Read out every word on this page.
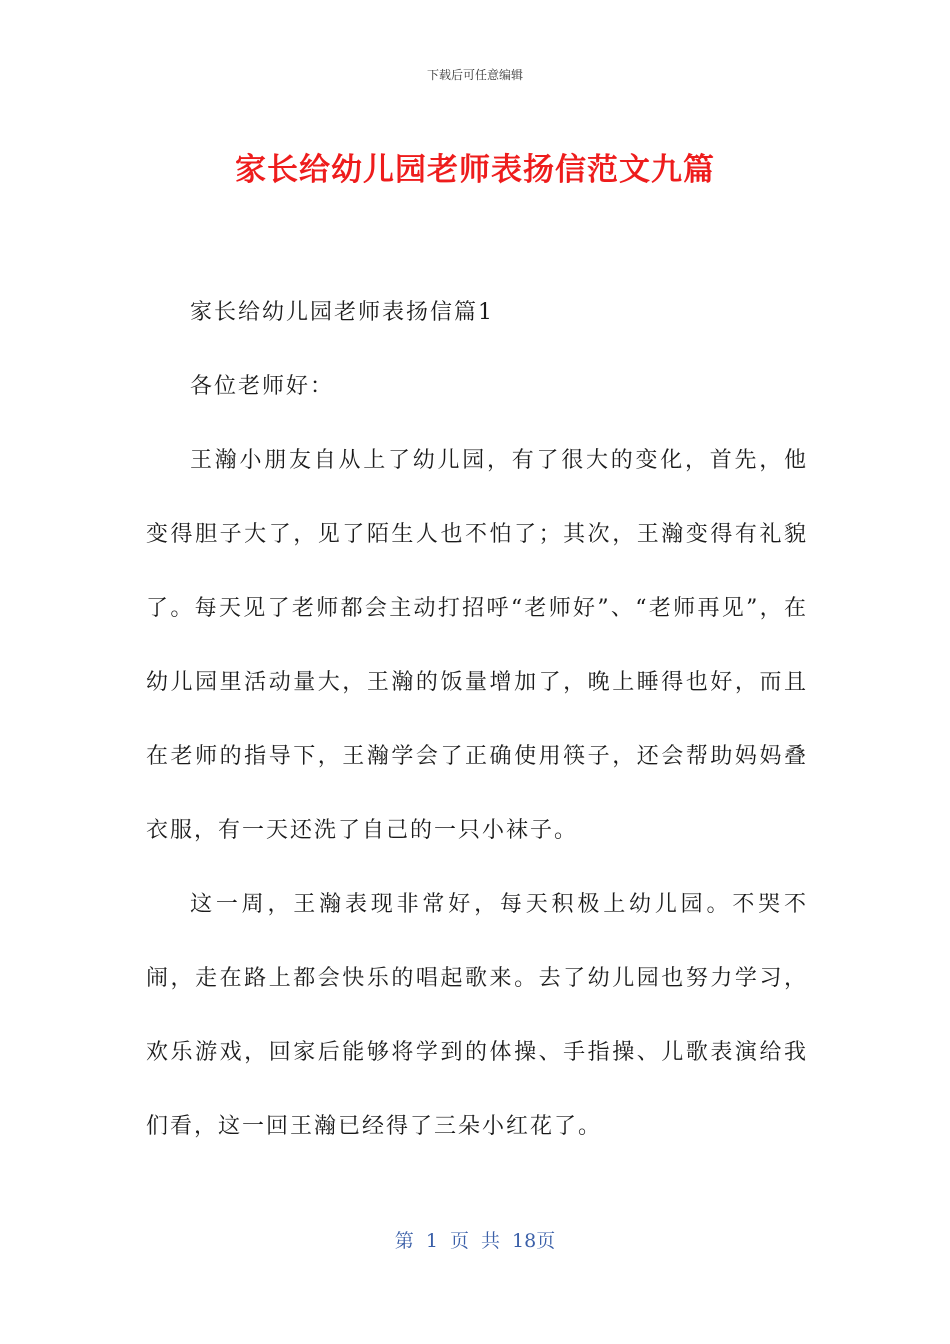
下载后可任意编辑
家长给幼儿园老师表扬信范文九篇

家长给幼儿园老师表扬信篇1

各位老师好：

王瀚小朋友自从上了幼儿园，有了很大的变化，首先，他变得胆子大了，见了陌生人也不怕了；其次，王瀚变得有礼貌了。每天见了老师都会主动打招呼“老师好”、“老师再见”，在幼儿园里活动量大，王瀚的饭量增加了，晚上睡得也好，而且在老师的指导下，王瀚学会了正确使用筷子，还会帮助妈妈叠衣服，有一天还洗了自己的一只小袜子。

这一周，王瀚表现非常好，每天积极上幼儿园。不哭不闹，走在路上都会快乐的唱起歌来。去了幼儿园也努力学习，欢乐游戏，回家后能够将学到的体操、手指操、儿歌表演给我们看，这一回王瀚已经得了三朵小红花了。

第 1 页 共 18页
